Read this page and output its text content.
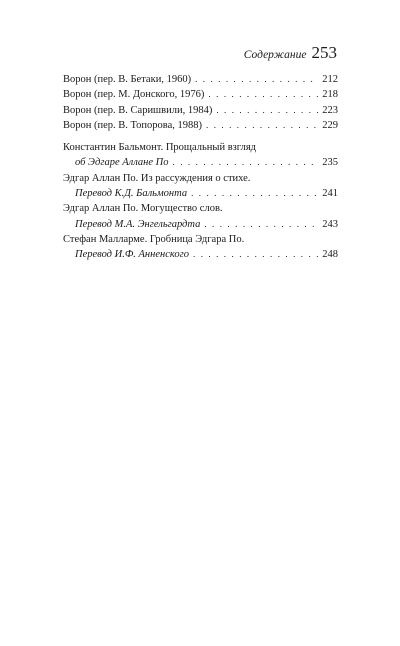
Содержание 253
Ворон (пер. В. Бетаки, 1960) . . .	212
Ворон (пер. М. Донского, 1976) . . .	218
Ворон (пер. В. Саришвили, 1984) . . .	223
Ворон (пер. В. Топорова, 1988) . . .	229
Константин Бальмонт. Прощальный взгляд
об Эдгаре Аллане По . . .	235
Эдгар Аллан По. Из рассуждения о стихе.
Перевод К.Д. Бальмонта . . .	241
Эдгар Аллан По. Могущество слов.
Перевод М.А. Энгельгардта . . .	243
Стефан Малларме. Гробница Эдгара По.
Перевод И.Ф. Анненского . . .	248
